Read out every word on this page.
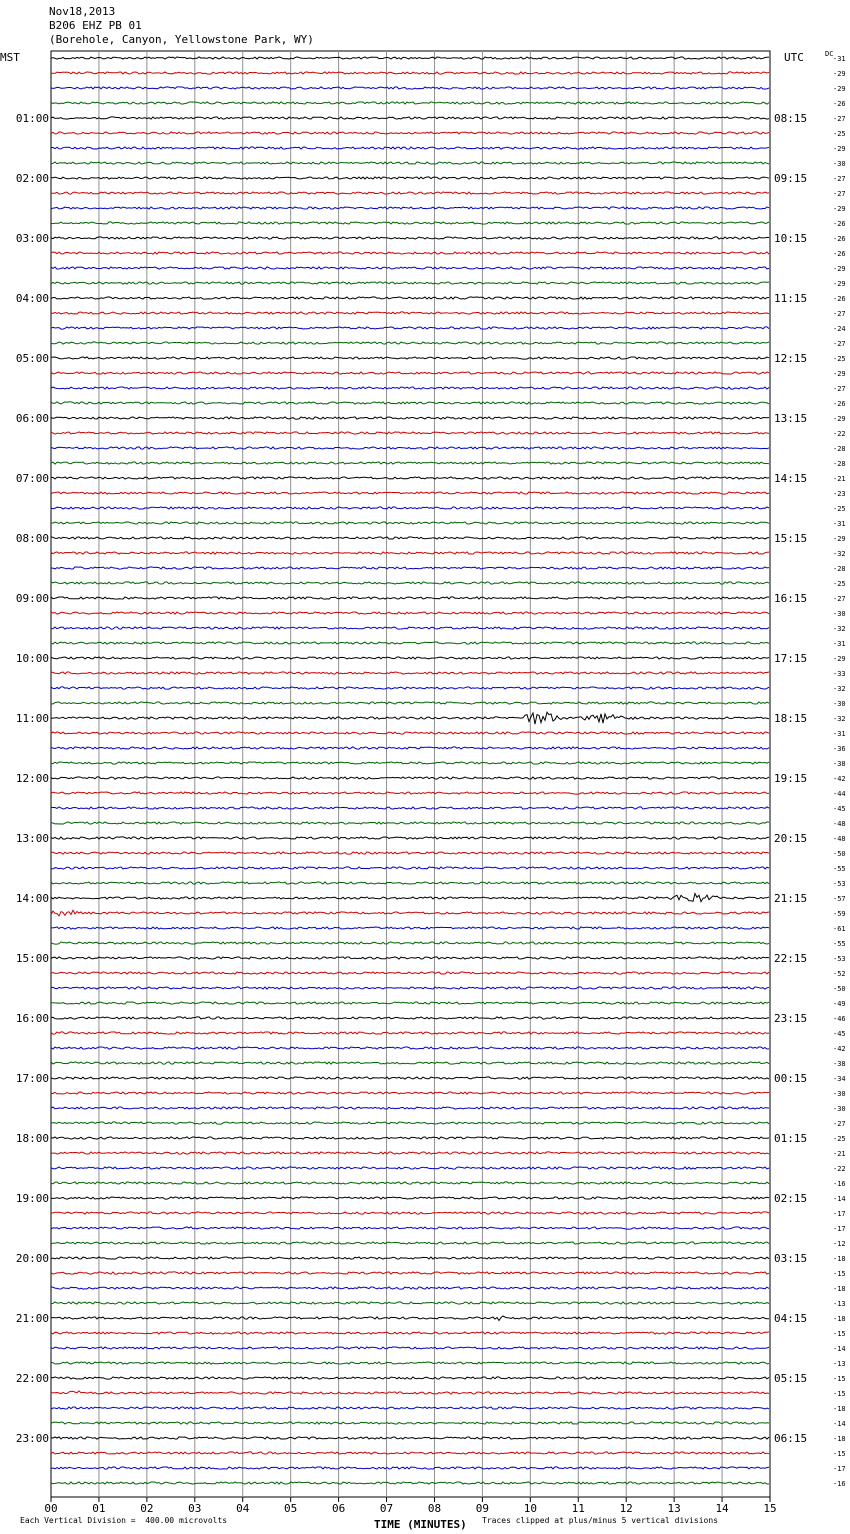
Nov18,2013
B206 EHZ PB 01
(Borehole, Canyon, Yellowstone Park, WY)
MST	UTC
01:00
02:00
03:00
04:00
05:00
06:00
07:00
08:00
09:00
10:00
11:00
12:00
13:00
14:00
15:00
16:00
17:00
18:00
19:00
20:00
21:00
22:00
23:00
08:15
09:15
10:15
11:15
12:15
13:15
14:15
15:15
16:15
17:15
18:15
19:15
20:15
21:15
22:15
23:15
00:15
01:15
02:15
03:15
04:15
05:15
06:15
DC
-31
-29
-29
-26
-27
-25
-29
-30
-27
-27
-29
-26
-26
-26
-29
-29
-26
-27
-24
-27
-25
-29
-27
-26
-29
-22
-28
-28
-21
-23
-25
-31
-29
-32
-28
-25
-27
-30
-32
-31
-29
-33
-32
-30
-32
-31
-36
-38
-42
-44
-45
-48
-48
-50
-55
-53
-57
-59
-61
-55
-53
-52
-50
-49
-46
-45
-42
-38
-34
-30
-30
-27
-25
-21
-22
-16
-14
-17
-17
-12
-18
-15
-18
-13
-18
-15
-14
-13
-15
-15
-18
-14
-18
-15
-17
-16
00	01	02	03	04	05	06	07	08	09	10	11	12	13	14	15
Each Vertical Division =  400.00 microvolts	TIME (MINUTES) Traces clipped at plus/minus 5 vertical divisions
